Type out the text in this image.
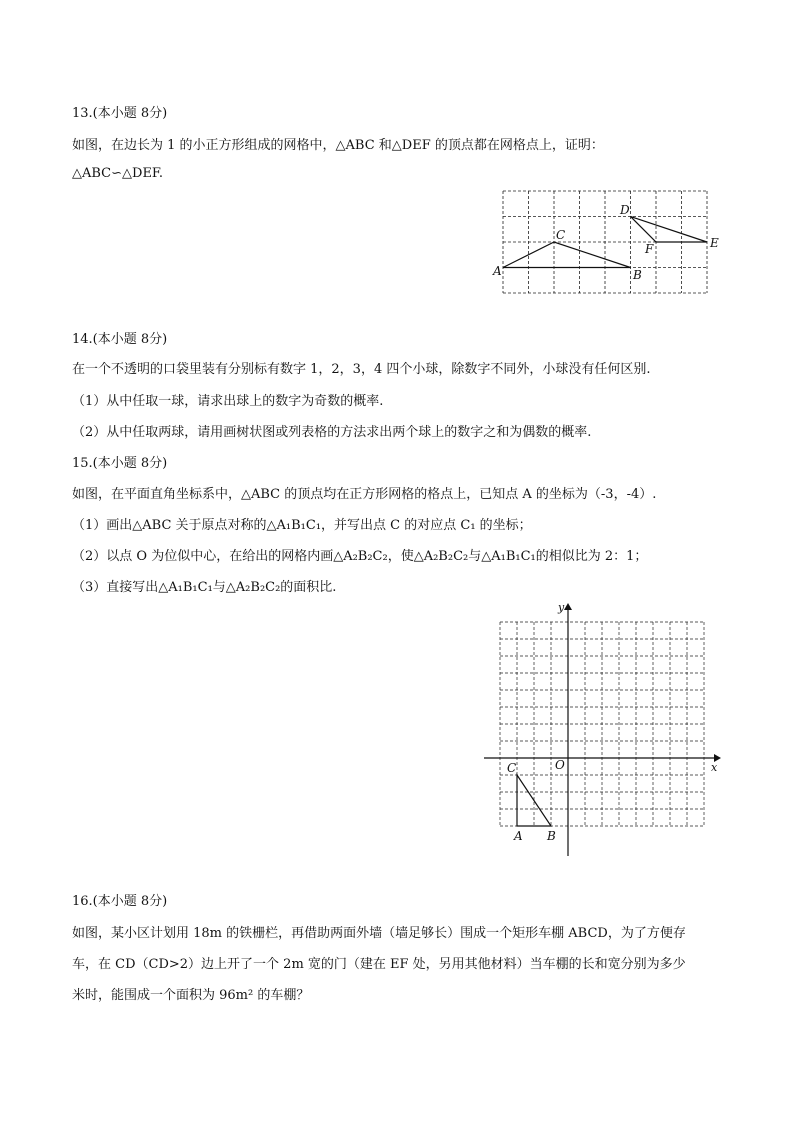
13.(本小题 8分)
如图，在边长为 1 的小正方形组成的网格中，△ABC 和△DEF 的顶点都在网格点上，证明：
△ABC∽△DEF.
A	B
C
D
E
F
14.(本小题 8分)
在一个不透明的口袋里装有分别标有数字 1，2，3，4 四个小球，除数字不同外，小球没有任何区别.
（1）从中任取一球，请求出球上的数字为奇数的概率.
（2）从中任取两球，请用画树状图或列表格的方法求出两个球上的数字之和为偶数的概率.
15.(本小题 8分)
如图，在平面直角坐标系中，△ABC 的顶点均在正方形网格的格点上，已知点 A 的坐标为（-3，-4）.
（1）画出△ABC 关于原点对称的△A₁B₁C₁，并写出点 C 的对应点 C₁ 的坐标；
（2）以点 O 为位似中心，在给出的网格内画△A₂B₂C₂，使△A₂B₂C₂与△A₁B₁C₁的相似比为 2：1；
（3）直接写出△A₁B₁C₁与△A₂B₂C₂的面积比.
x
y
O
A B
C
16.(本小题 8分)
如图，某小区计划用 18m 的铁栅栏，再借助两面外墙（墙足够长）围成一个矩形车棚 ABCD，为了方便存
车，在 CD（CD>2）边上开了一个 2m 宽的门（建在 EF 处，另用其他材料）当车棚的长和宽分别为多少
米时，能围成一个面积为 96m² 的车棚？
